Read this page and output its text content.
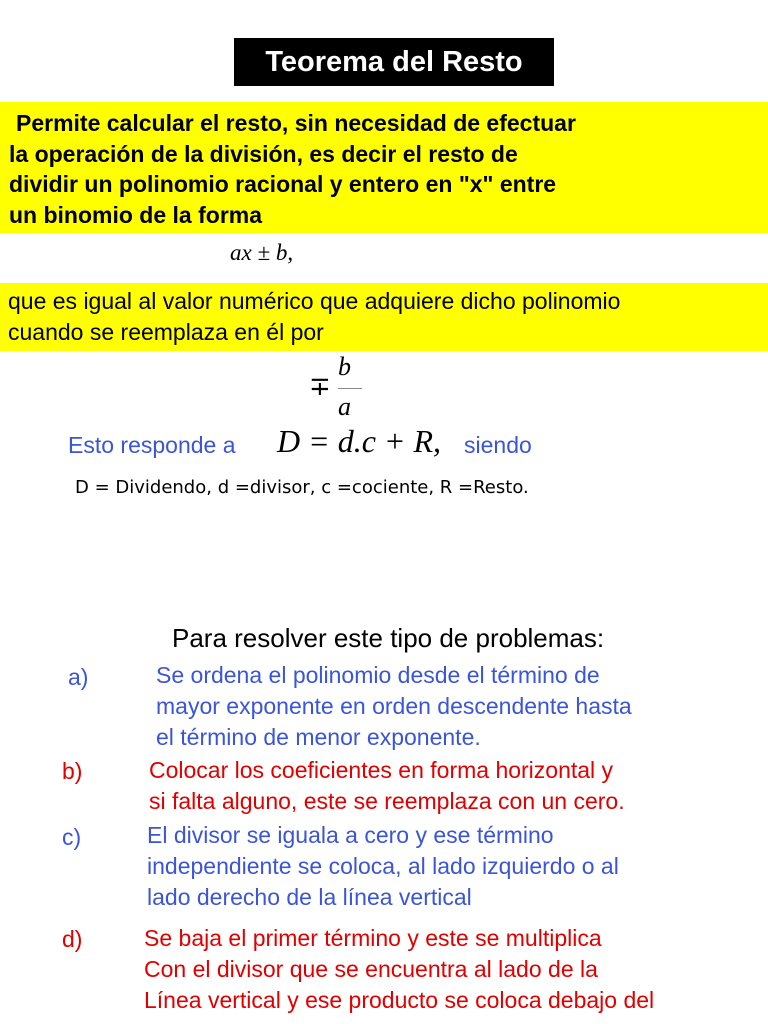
Teorema del Resto
Permite calcular el resto, sin necesidad de efectuar
la operación de la división, es decir el resto de
dividir un polinomio racional y entero en "x" entre
un binomio de la forma
ax ± b,
que es igual al valor numérico que adquiere dicho polinomio
cuando se reemplaza en él por
∓
b
a
Esto responde a D = d.c + R, siendo
D = Dividendo, d =divisor, c =cociente, R =Resto.
Para resolver este tipo de problemas:
a)	Se ordena el polinomio desde el término de
mayor exponente en orden descendente hasta
el término de menor exponente.
b)	Colocar los coeficientes en forma horizontal y
si falta alguno, este se reemplaza con un cero.
c)	El divisor se iguala a cero y ese término
independiente se coloca, al lado izquierdo o al
lado derecho de la línea vertical
d)	Se baja el primer término y este se multiplica
Con el divisor que se encuentra al lado de la
Línea vertical y ese producto se coloca debajo del
